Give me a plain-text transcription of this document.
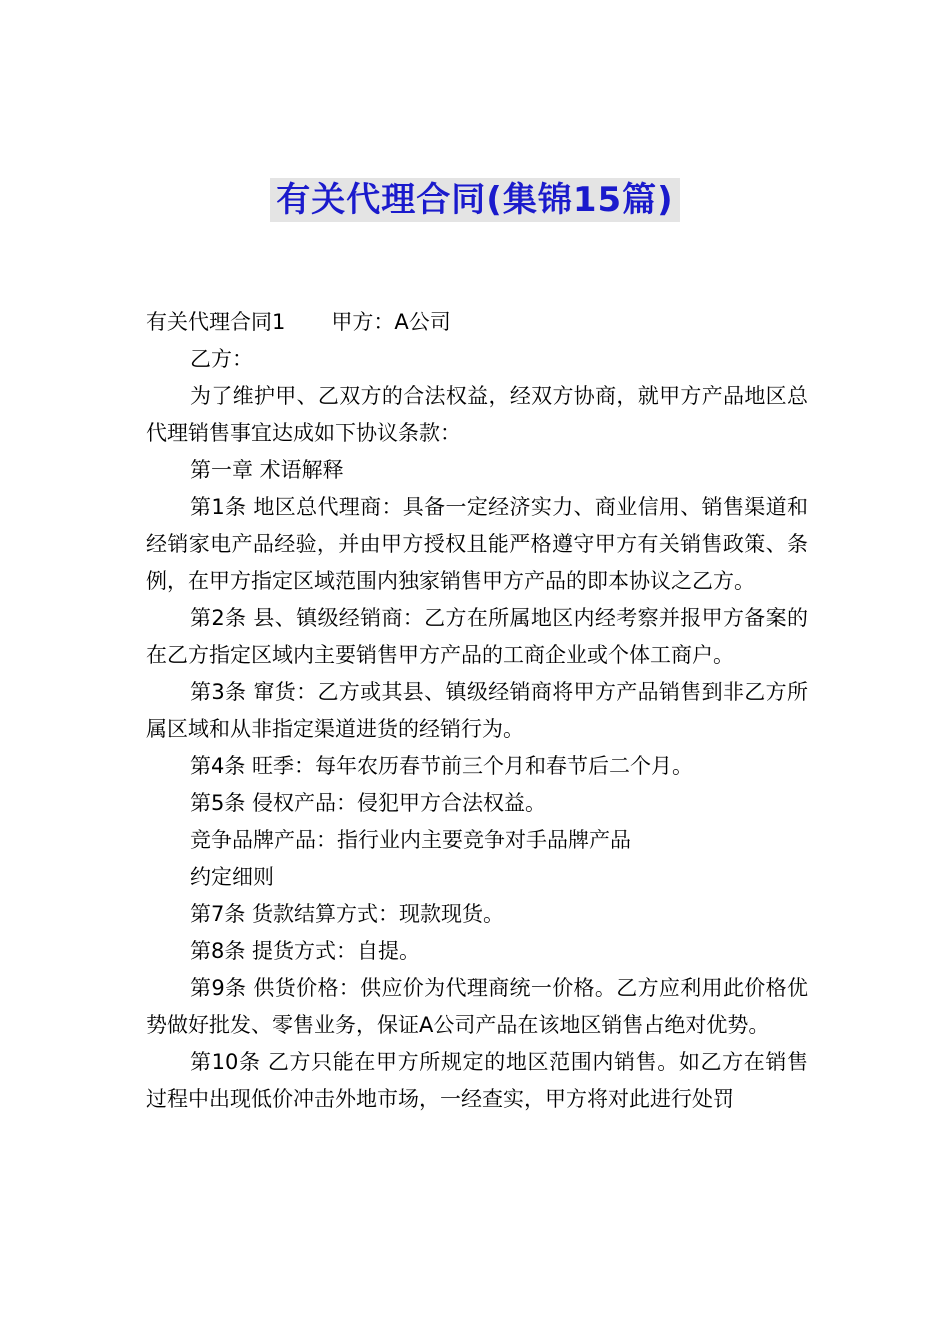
有关代理合同(集锦15篇)

有关代理合同1 甲方：A公司

乙方：

为了维护甲、乙双方的合法权益，经双方协商，就甲方产品地区总代理销售事宜达成如下协议条款：

第一章 术语解释

第1条 地区总代理商：具备一定经济实力、商业信用、销售渠道和经销家电产品经验，并由甲方授权且能严格遵守甲方有关销售政策、条例，在甲方指定区域范围内独家销售甲方产品的即本协议之乙方。

第2条 县、镇级经销商：乙方在所属地区内经考察并报甲方备案的在乙方指定区域内主要销售甲方产品的工商企业或个体工商户。

第3条 窜货：乙方或其县、镇级经销商将甲方产品销售到非乙方所属区域和从非指定渠道进货的经销行为。

第4条 旺季：每年农历春节前三个月和春节后二个月。

第5条 侵权产品：侵犯甲方合法权益。

竞争品牌产品：指行业内主要竞争对手品牌产品

约定细则

第7条 货款结算方式：现款现货。

第8条 提货方式：自提。

第9条 供货价格：供应价为代理商统一价格。乙方应利用此价格优势做好批发、零售业务，保证A公司产品在该地区销售占绝对优势。

第10条 乙方只能在甲方所规定的地区范围内销售。如乙方在销售过程中出现低价冲击外地市场，一经查实，甲方将对此进行处罚
